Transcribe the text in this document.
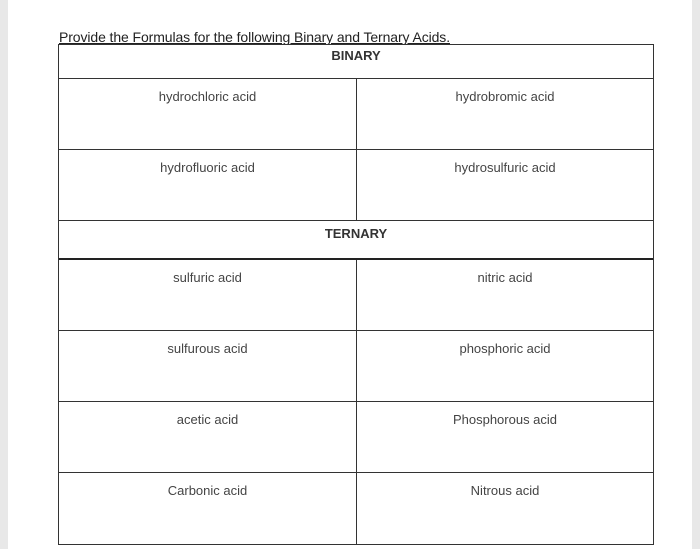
Provide the Formulas for the following Binary and Ternary Acids.
BINARY
hydrochloric acid	hydrobromic acid
hydrofluoric acid	hydrosulfuric acid
TERNARY
sulfuric acid	nitric acid
sulfurous acid	phosphoric acid
acetic acid	Phosphorous acid
Carbonic acid	Nitrous acid
